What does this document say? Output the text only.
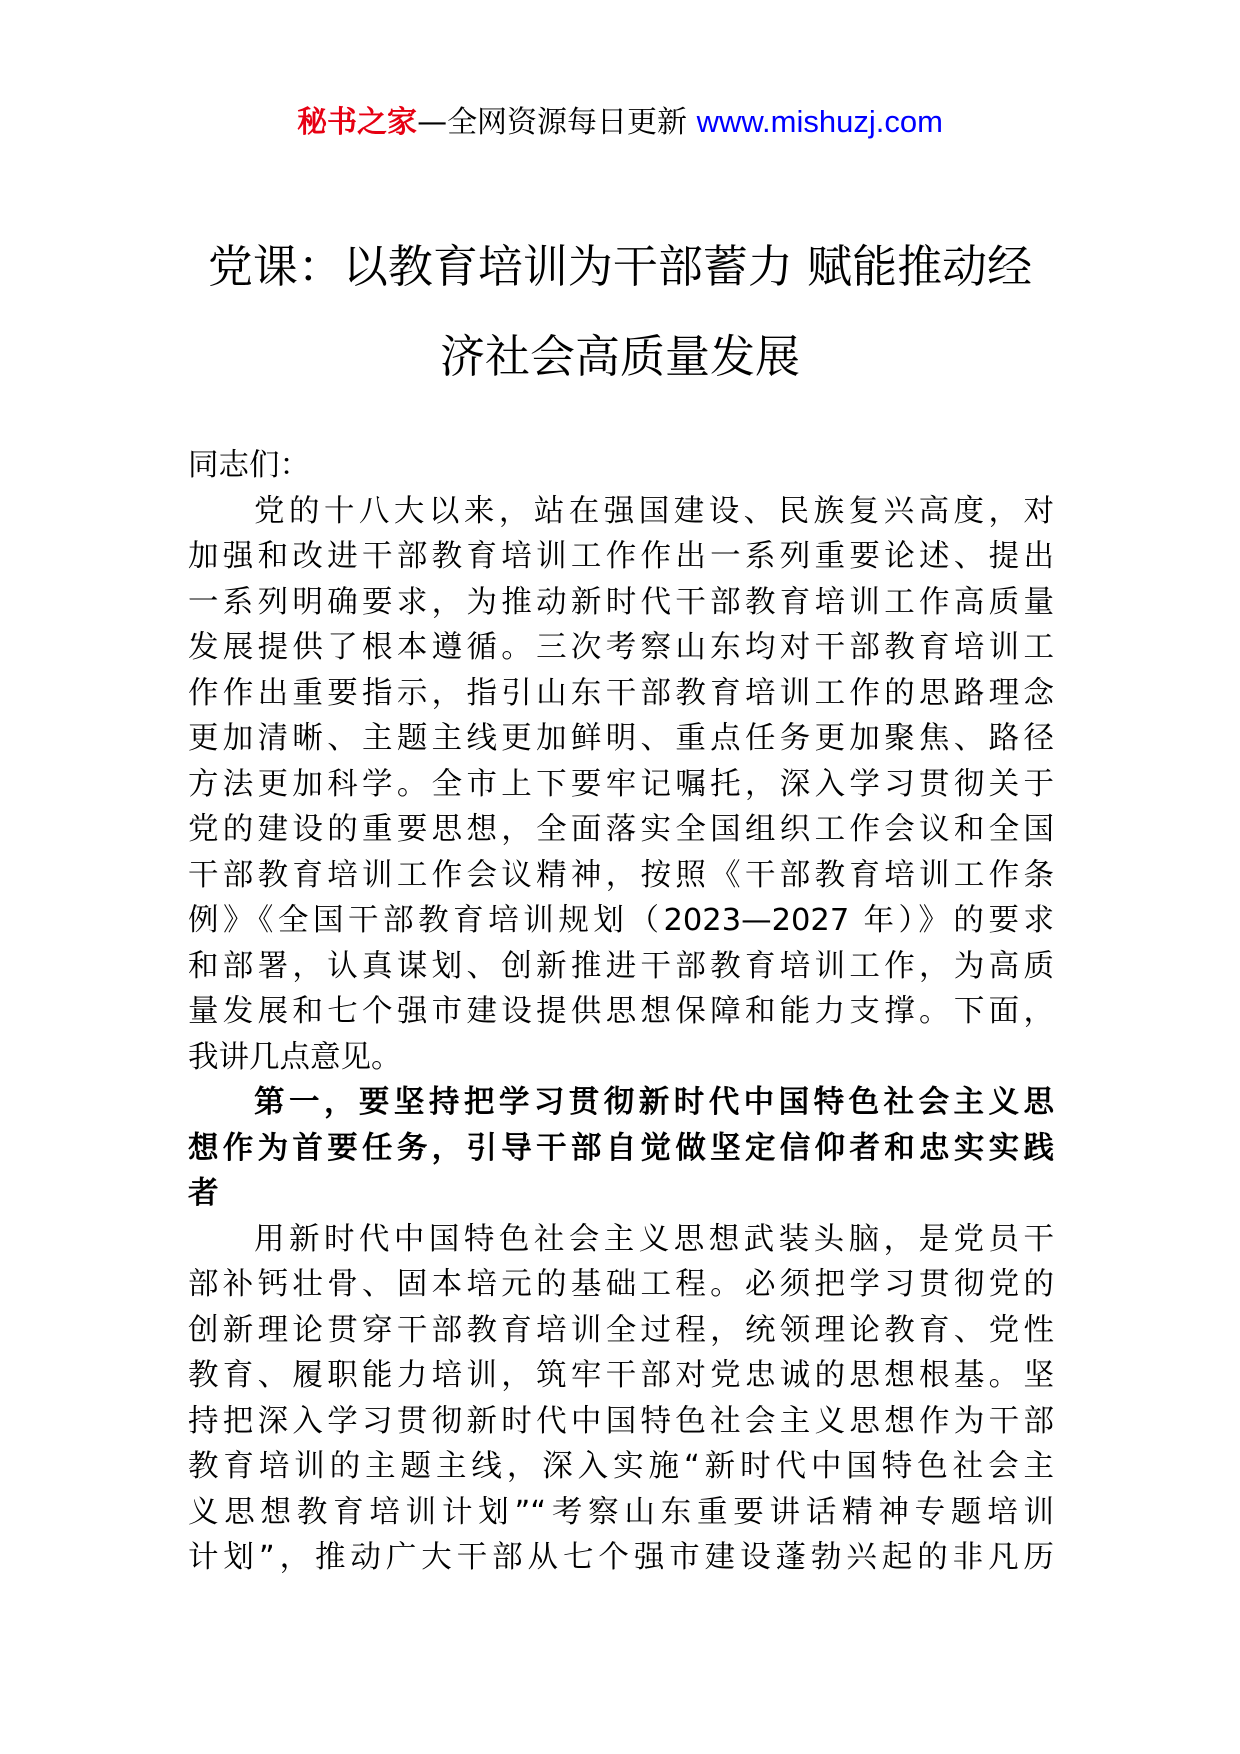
秘书之家—全网资源每日更新 www.mishuzj.com
党课：以教育培训为干部蓄力 赋能推动经
济社会高质量发展
同志们：
党的十八大以来，站在强国建设、民族复兴高度，对
加强和改进干部教育培训工作作出一系列重要论述、提出
一系列明确要求，为推动新时代干部教育培训工作高质量
发展提供了根本遵循。三次考察山东均对干部教育培训工
作作出重要指示，指引山东干部教育培训工作的思路理念
更加清晰、主题主线更加鲜明、重点任务更加聚焦、路径
方法更加科学。全市上下要牢记嘱托，深入学习贯彻关于
党的建设的重要思想，全面落实全国组织工作会议和全国
干部教育培训工作会议精神，按照《干部教育培训工作条
例》《全国干部教育培训规划（2023—2027 年）》的要求
和部署，认真谋划、创新推进干部教育培训工作，为高质
量发展和七个强市建设提供思想保障和能力支撑。下面，
我讲几点意见。
第一，要坚持把学习贯彻新时代中国特色社会主义思
想作为首要任务，引导干部自觉做坚定信仰者和忠实实践
者
用新时代中国特色社会主义思想武装头脑，是党员干
部补钙壮骨、固本培元的基础工程。必须把学习贯彻党的
创新理论贯穿干部教育培训全过程，统领理论教育、党性
教育、履职能力培训，筑牢干部对党忠诚的思想根基。坚
持把深入学习贯彻新时代中国特色社会主义思想作为干部
教育培训的主题主线，深入实施“新时代中国特色社会主
义思想教育培训计划”“考察山东重要讲话精神专题培训
计划”，推动广大干部从七个强市建设蓬勃兴起的非凡历
